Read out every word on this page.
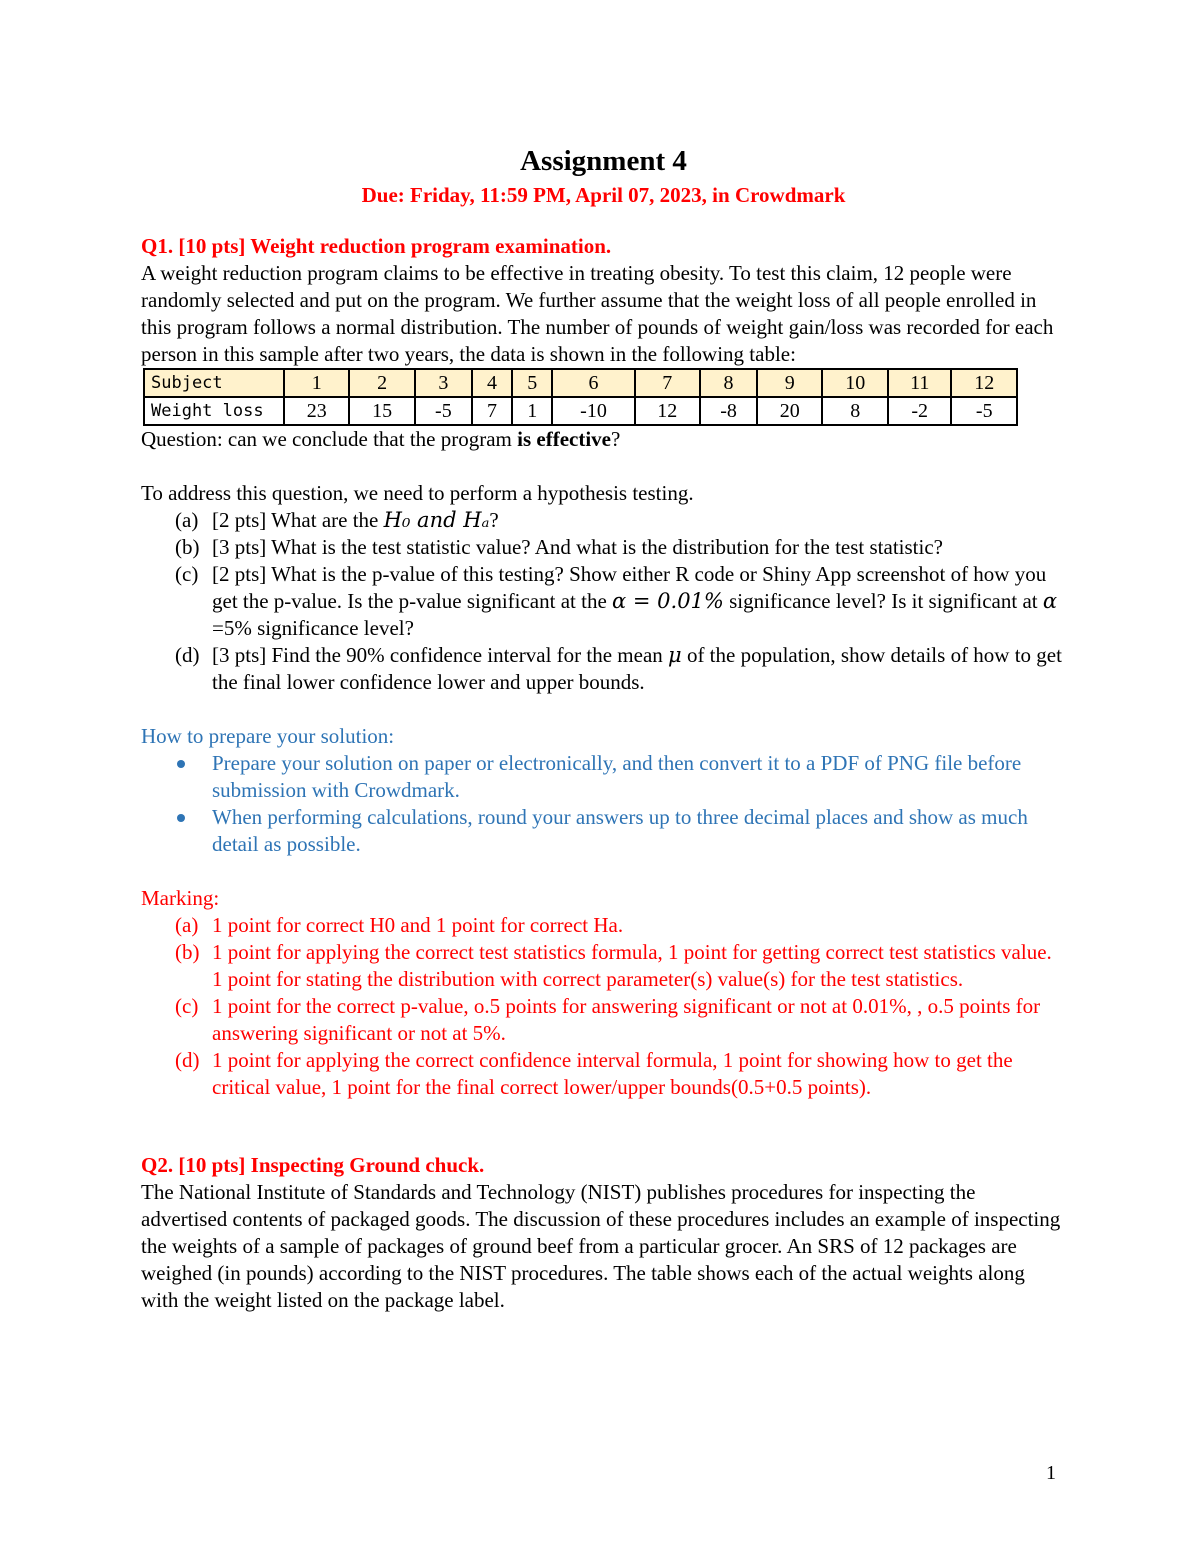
Assignment 4

Due: Friday, 11:59 PM, April 07, 2023, in Crowdmark

Q1. [10 pts] Weight reduction program examination.

A weight reduction program claims to be effective in treating obesity. To test this claim, 12 people were randomly selected and put on the program. We further assume that the weight loss of all people enrolled in this program follows a normal distribution. The number of pounds of weight gain/loss was recorded for each person in this sample after two years, the data is shown in the following table:

Subject	1	2	3	4	5	6	7	8	9	10	11	12
Weight loss	23	15	-5	7	1	-10	12	-8	20	8	-2	-5

Question: can we conclude that the program is effective?

To address this question, we need to perform a hypothesis testing.

(a) [2 pts] What are the H₀ and Hₐ?
(b) [3 pts] What is the test statistic value? And what is the distribution for the test statistic?
(c) [2 pts] What is the p-value of this testing? Show either R code or Shiny App screenshot of how you get the p-value. Is the p-value significant at the α = 0.01% significance level? Is it significant at α =5% significance level?
(d) [3 pts] Find the 90% confidence interval for the mean μ of the population, show details of how to get the final lower confidence lower and upper bounds.

How to prepare your solution:

Prepare your solution on paper or electronically, and then convert it to a PDF of PNG file before submission with Crowdmark.
When performing calculations, round your answers up to three decimal places and show as much detail as possible.

Marking:

(a) 1 point for correct H0 and 1 point for correct Ha.
(b) 1 point for applying the correct test statistics formula, 1 point for getting correct test statistics value. 1 point for stating the distribution with correct parameter(s) value(s) for the test statistics.
(c) 1 point for the correct p-value, o.5 points for answering significant or not at 0.01%, , o.5 points for answering significant or not at 5%.
(d) 1 point for applying the correct confidence interval formula, 1 point for showing how to get the critical value, 1 point for the final correct lower/upper bounds(0.5+0.5 points).

Q2. [10 pts] Inspecting Ground chuck.

The National Institute of Standards and Technology (NIST) publishes procedures for inspecting the advertised contents of packaged goods. The discussion of these procedures includes an example of inspecting the weights of a sample of packages of ground beef from a particular grocer. An SRS of 12 packages are weighed (in pounds) according to the NIST procedures. The table shows each of the actual weights along with the weight listed on the package label.

1
